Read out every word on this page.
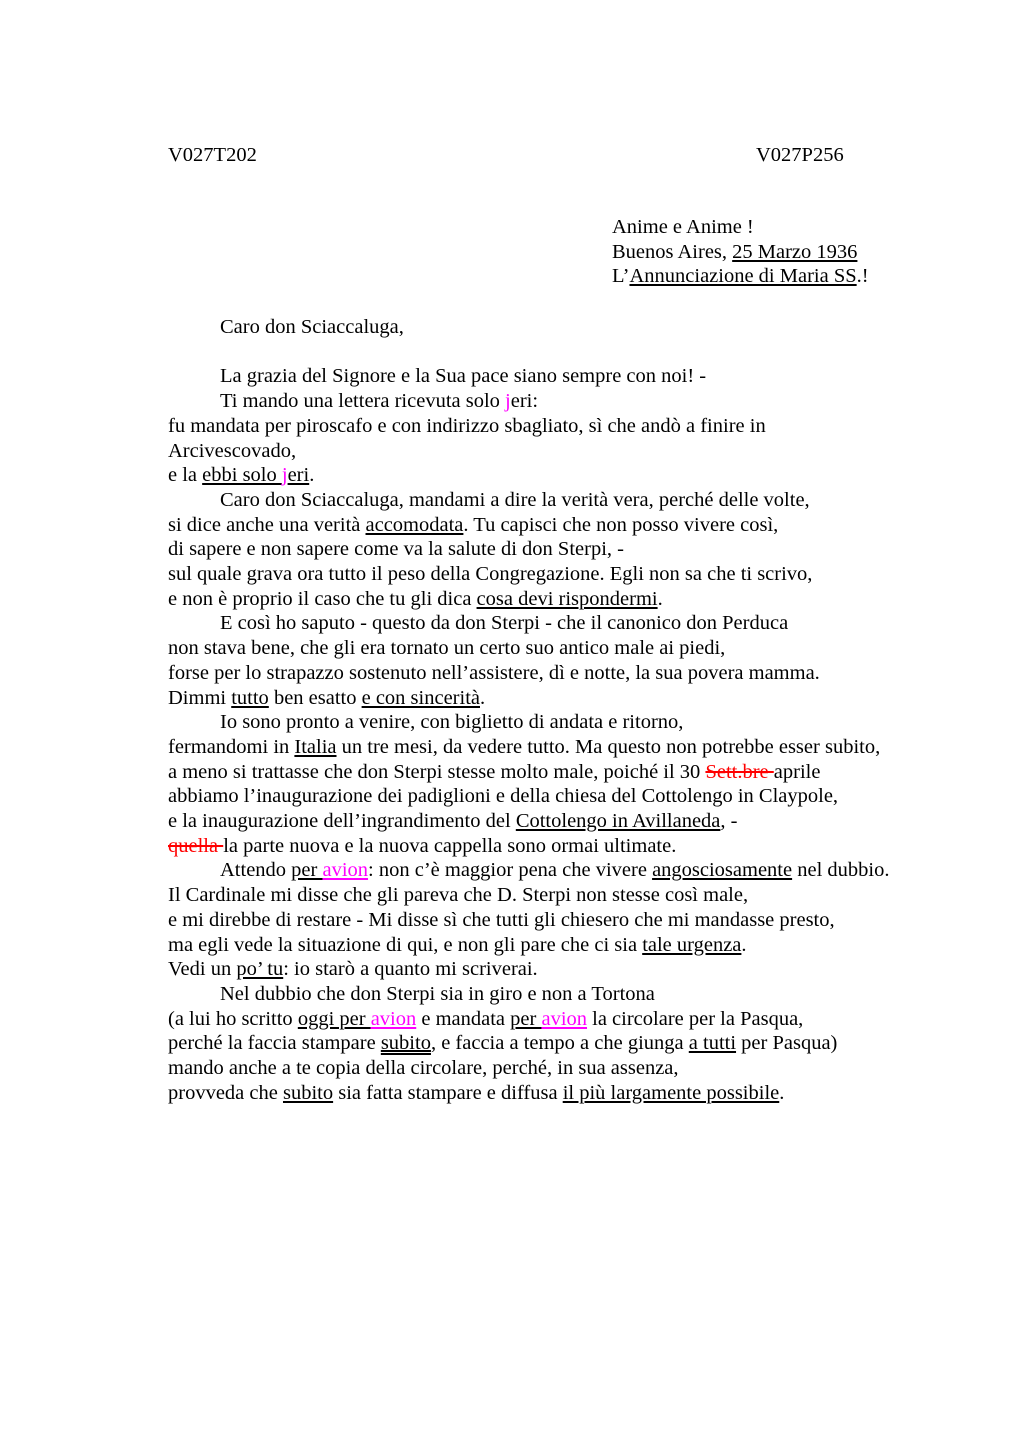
V027T202	V027P256
Anime e Anime !
Buenos Aires, 25 Marzo 1936
L’Annunciazione di Maria SS.!
Caro don Sciaccaluga,

La grazia del Signore e la Sua pace siano sempre con noi! -
Ti mando una lettera ricevuta solo jeri:
fu mandata per piroscafo e con indirizzo sbagliato, sì che andò a finire in
Arcivescovado,
e la ebbi solo jeri.
Caro don Sciaccaluga, mandami a dire la verità vera, perché delle volte,
si dice anche una verità accomodata. Tu capisci che non posso vivere così,
di sapere e non sapere come va la salute di don Sterpi, -
sul quale grava ora tutto il peso della Congregazione. Egli non sa che ti scrivo,
e non è proprio il caso che tu gli dica cosa devi rispondermi.
E così ho saputo - questo da don Sterpi - che il canonico don Perduca
non stava bene, che gli era tornato un certo suo antico male ai piedi,
forse per lo strapazzo sostenuto nell’assistere, dì e notte, la sua povera mamma.
Dimmi tutto ben esatto e con sincerità.
Io sono pronto a venire, con biglietto di andata e ritorno,
fermandomi in Italia un tre mesi, da vedere tutto. Ma questo non potrebbe esser subito,
a meno si trattasse che don Sterpi stesse molto male, poiché il 30 Sett.bre aprile
abbiamo l’inaugurazione dei padiglioni e della chiesa del Cottolengo in Claypole,
e la inaugurazione dell’ingrandimento del Cottolengo in Avillaneda, -
quella la parte nuova e la nuova cappella sono ormai ultimate.
Attendo per avion: non c’è maggior pena che vivere angosciosamente nel dubbio.
Il Cardinale mi disse che gli pareva che D. Sterpi non stesse così male,
e mi direbbe di restare - Mi disse sì che tutti gli chiesero che mi mandasse presto,
ma egli vede la situazione di qui, e non gli pare che ci sia tale urgenza.
Vedi un po’ tu: io starò a quanto mi scriverai.
Nel dubbio che don Sterpi sia in giro e non a Tortona
(a lui ho scritto oggi per avion e mandata per avion la circolare per la Pasqua,
perché la faccia stampare subito, e faccia a tempo a che giunga a tutti per Pasqua)
mando anche a te copia della circolare, perché, in sua assenza,
provveda che subito sia fatta stampare e diffusa il più largamente possibile.
